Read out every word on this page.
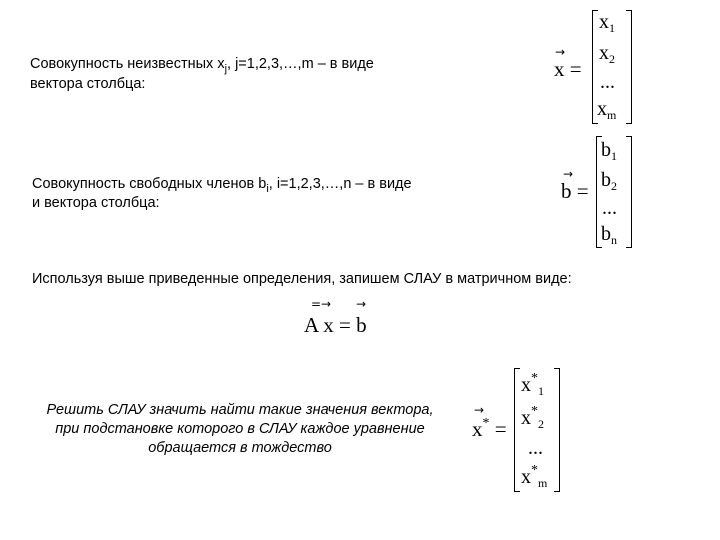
Совокупность неизвестных $x_j$, j=1,2,3,…,m – в виде
вектора столбца:
→
x =
$x_1$
$x_2$
...
$x_m$
Совокупность свободных членов $b_i$, i=1,2,3,…,n – в виде
и вектора столбца:
→
b =
$b_1$
$b_2$
...
$b_n$
Используя выше приведенные определения, запишем СЛАУ в матричном виде:
=→ →
A x = b
Решить СЛАУ значить найти такие значения вектора,
при подстановке которого в СЛАУ каждое уравнение
обращается в тождество
→
x* =
$x^*_1$
$x^*_2$
...
$x^*_m$
